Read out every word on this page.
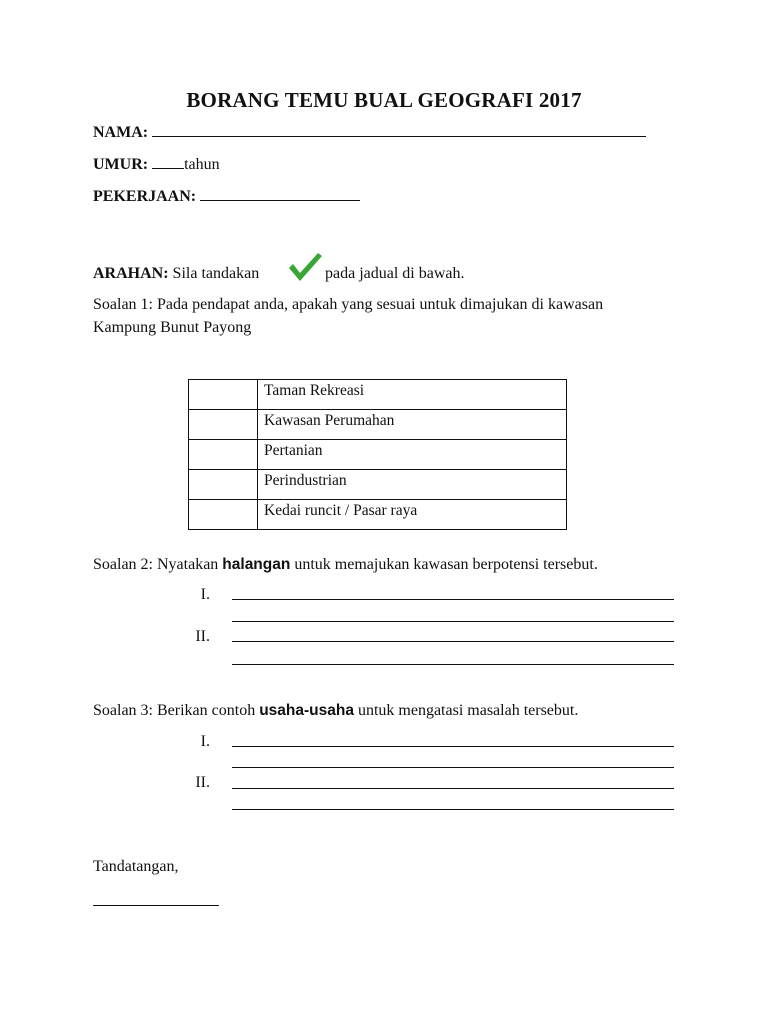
BORANG TEMU BUAL GEOGRAFI 2017
NAMA:
UMUR: tahun
PEKERJAAN:
ARAHAN: Sila tandakan	pada jadual di bawah.
Soalan 1: Pada pendapat anda, apakah yang sesuai untuk dimajukan di kawasan
Kampung Bunut Payong
	Taman Rekreasi
	Kawasan Perumahan
	Pertanian
	Perindustrian
	Kedai runcit / Pasar raya
Soalan 2: Nyatakan halangan untuk memajukan kawasan berpotensi tersebut.
I.
II.
Soalan 3: Berikan contoh usaha-usaha untuk mengatasi masalah tersebut.
I.
II.
Tandatangan,
